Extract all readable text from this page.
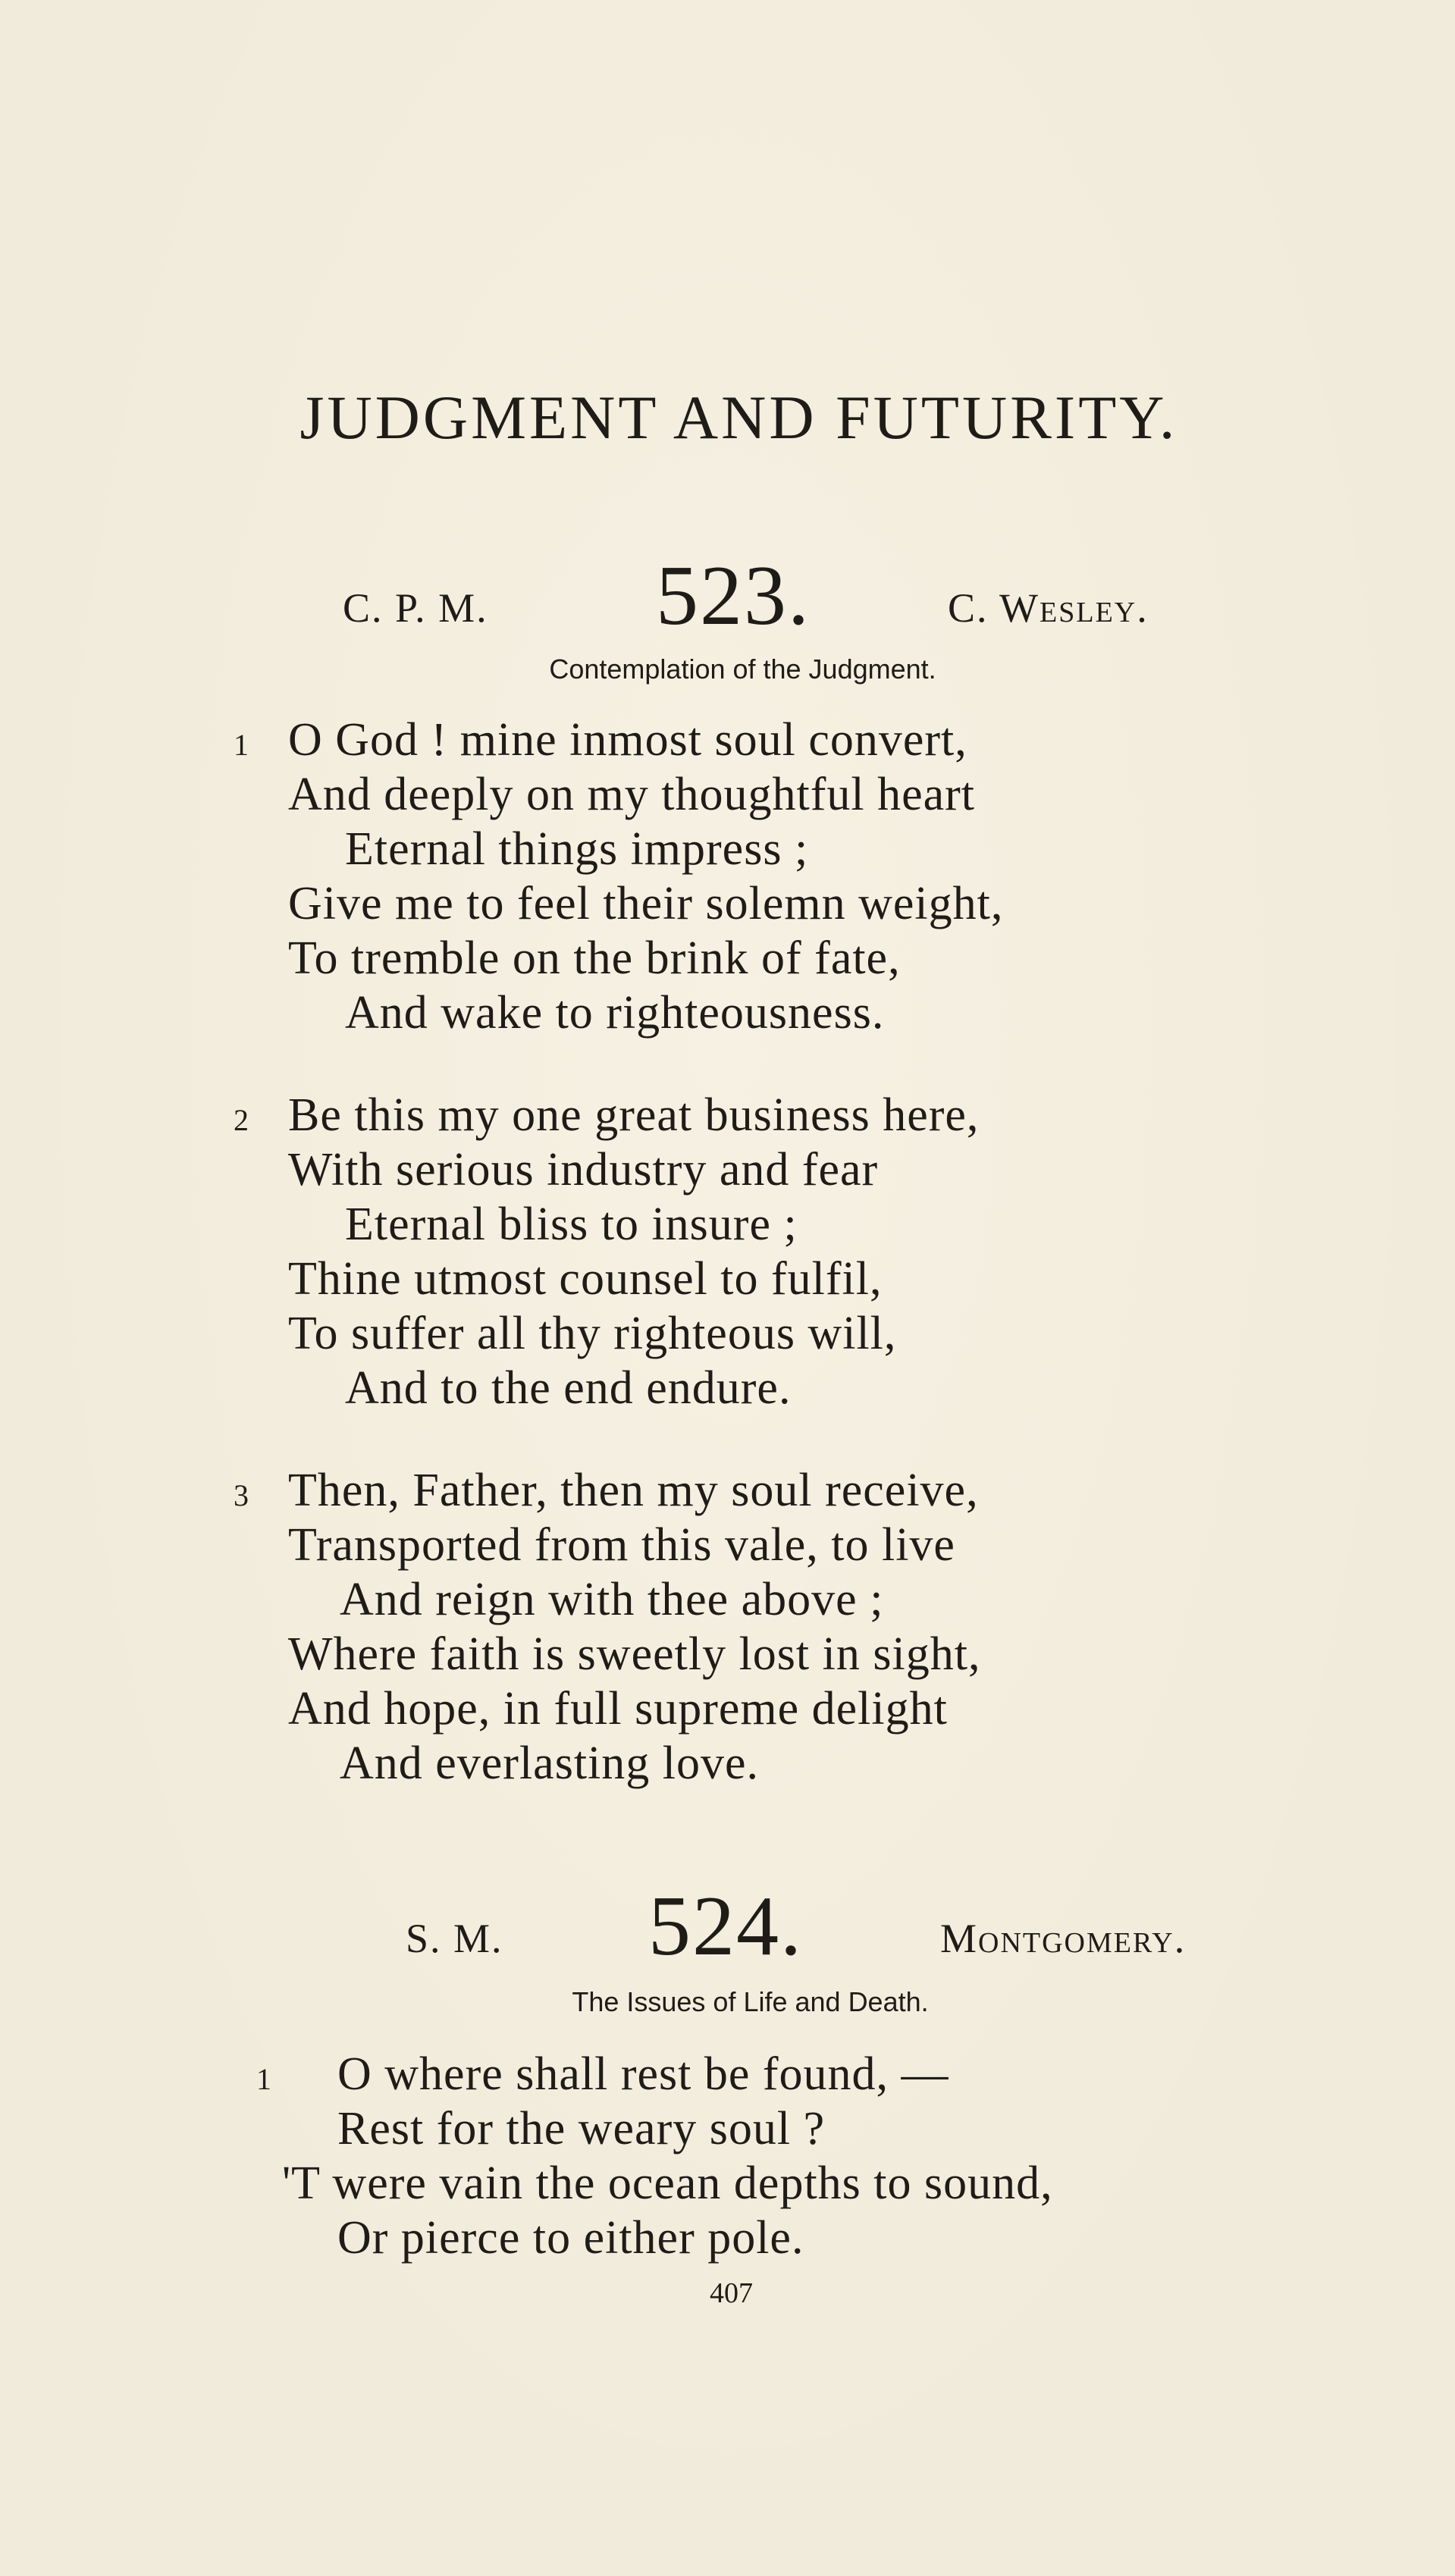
JUDGMENT AND FUTURITY.
C. P. M. 523.	C. Wesley.
Contemplation of the Judgment.
1 O God ! mine inmost soul convert,
And deeply on my thoughtful heart
Eternal things impress ;
Give me to feel their solemn weight,
To tremble on the brink of fate,
And wake to righteousness.
2 Be this my one great business here,
With serious industry and fear
Eternal bliss to insure ;
Thine utmost counsel to fulfil,
To suffer all thy righteous will,
And to the end endure.
3 Then, Father, then my soul receive,
Transported from this vale, to live
And reign with thee above ;
Where faith is sweetly lost in sight,
And hope, in full supreme delight
And everlasting love.
S. M. 524.	Montgomery.
The Issues of Life and Death.
1 O where shall rest be found, —
Rest for the weary soul ?
'T were vain the ocean depths to sound,
Or pierce to either pole.
407
